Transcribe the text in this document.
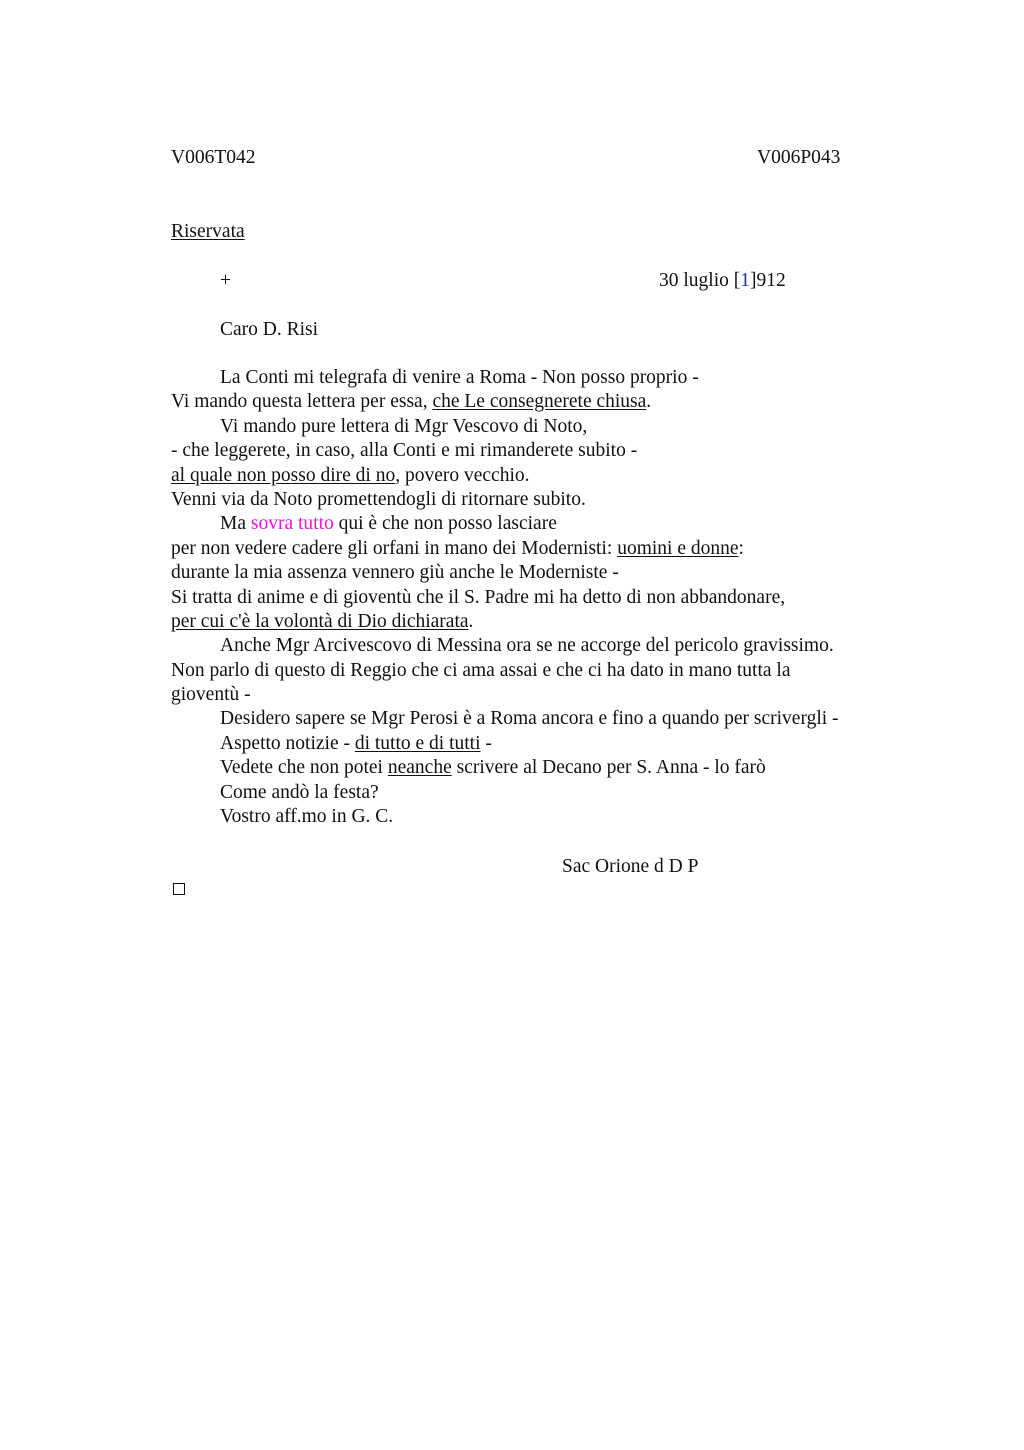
V006T042	V006P043
Riservata
+	30 luglio [1]912
Caro D. Risi
La Conti mi telegrafa di venire a Roma - Non posso proprio -
Vi mando questa lettera per essa, che Le consegnerete chiusa.
Vi mando pure lettera di Mgr Vescovo di Noto,
- che leggerete, in caso, alla Conti e mi rimanderete subito -
al quale non posso dire di no, povero vecchio.
Venni via da Noto promettendogli di ritornare subito.
Ma sovra tutto qui è che non posso lasciare
per non vedere cadere gli orfani in mano dei Modernisti: uomini e donne:
durante la mia assenza vennero giù anche le Moderniste -
Si tratta di anime e di gioventù che il S. Padre mi ha detto di non abbandonare,
per cui c'è la volontà di Dio dichiarata.
Anche Mgr Arcivescovo di Messina ora se ne accorge del pericolo gravissimo.
Non parlo di questo di Reggio che ci ama assai e che ci ha dato in mano tutta la
gioventù -
Desidero sapere se Mgr Perosi è a Roma ancora e fino a quando per scrivergli -
Aspetto notizie - di tutto e di tutti -
Vedete che non potei neanche scrivere al Decano per S. Anna - lo farò
Come andò la festa?
Vostro aff.mo in G. C.
Sac Orione d D P
